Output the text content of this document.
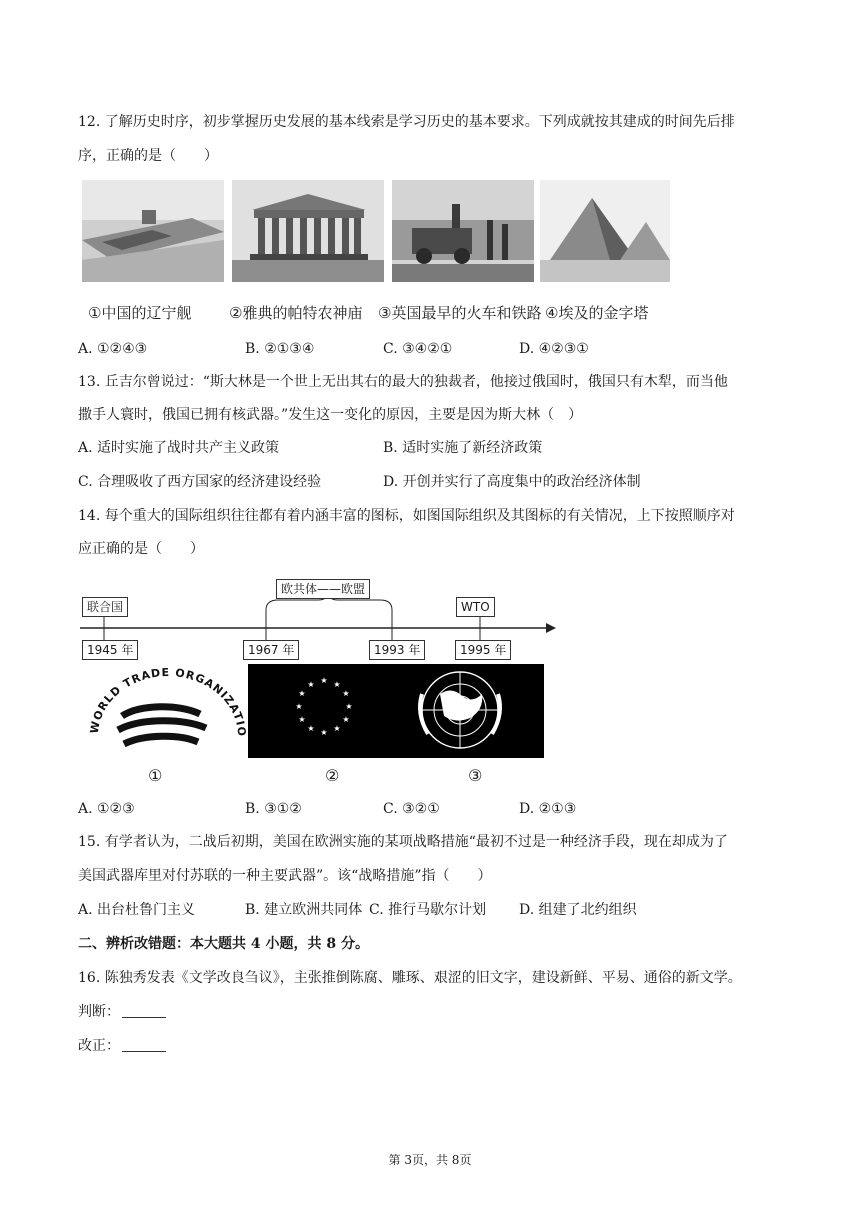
12. 了解历史时序，初步掌握历史发展的基本线索是学习历史的基本要求。下列成就按其建成的时间先后排
序，正确的是（　　）
①中国的辽宁舰	②雅典的帕特农神庙 ③英国最早的火车和铁路 ④埃及的金字塔
A. ①②④③	B. ②①③④	C. ③④②①	D. ④②③①
13. 丘吉尔曾说过：“斯大林是一个世上无出其右的最大的独裁者，他接过俄国时，俄国只有木犁，而当他
撒手人寰时，俄国已拥有核武器。”发生这一变化的原因，主要是因为斯大林（　）
A. 适时实施了战时共产主义政策	B. 适时实施了新经济政策
C. 合理吸收了西方国家的经济建设经验	D. 开创并实行了高度集中的政治经济体制
14. 每个重大的国际组织往往都有着内涵丰富的图标，如图国际组织及其图标的有关情况，上下按照顺序对
应正确的是（　　）
联合国
欧共体——欧盟
WTO
1945 年	1967 年	1993 年	1995 年
WORLD TRADE ORGANIZATIO
★ ★
★
★
★
★
★
★
★
★
★
★
①	②	③
A. ①②③	B. ③①②	C. ③②①	D. ②①③
15. 有学者认为，二战后初期，美国在欧洲实施的某项战略措施“最初不过是一种经济手段，现在却成为了
美国武器库里对付苏联的一种主要武器”。该“战略措施”指（　　）
A. 出台杜鲁门主义	B. 建立欧洲共同体 C. 推行马歇尔计划 D. 组建了北约组织
二、辨析改错题：本大题共 4 小题，共 8 分。
16. 陈独秀发表《文学改良刍议》，主张推倒陈腐、雕琢、艰涩的旧文字，建设新鲜、平易、通俗的新文学。
判断：
改正：
第 3页，共 8页
